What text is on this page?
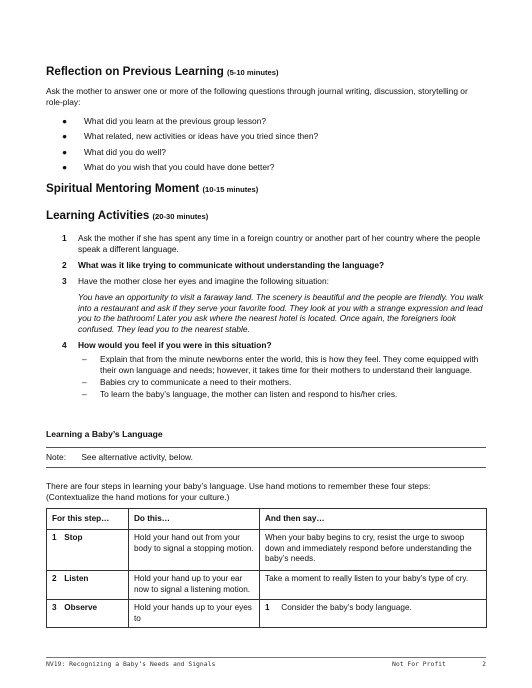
Reflection on Previous Learning (5-10 minutes)

Ask the mother to answer one or more of the following questions through journal writing, discussion, storytelling or role-play:

● What did you learn at the previous group lesson?
● What related, new activities or ideas have you tried since then?
● What did you do well?
● What do you wish that you could have done better?
Spiritual Mentoring Moment (10-15 minutes)
Learning Activities (20-30 minutes)
1 Ask the mother if she has spent any time in a foreign country or another part of her country where the people speak a different language.
2 What was it like trying to communicate without understanding the language?
3 Have the mother close her eyes and imagine the following situation:

You have an opportunity to visit a faraway land. The scenery is beautiful and the people are friendly. You walk into a restaurant and ask if they serve your favorite food. They look at you with a strange expression and lead you to the bathroom! Later you ask where the nearest hotel is located. Once again, the foreigners look confused. They lead you to the nearest stable.

4 How would you feel if you were in this situation?
– Explain that from the minute newborns enter the world, this is how they feel. They come equipped with their own language and needs; however, it takes time for their mothers to understand their language.
– Babies cry to communicate a need to their mothers.
– To learn the baby’s language, the mother can listen and respond to his/her cries.
Learning a Baby’s Language
Note: See alternative activity, below.

There are four steps in learning your baby’s language. Use hand motions to remember these four steps: (Contextualize the hand motions for your culture.)

For this step…	Do this…	And then say…
1 Stop	Hold your hand out from your body to signal a stopping motion.	When your baby begins to cry, resist the urge to swoop down and immediately respond before understanding the baby’s needs.
2 Listen	Hold your hand up to your ear now to signal a listening motion.	Take a moment to really listen to your baby’s type of cry.
3 Observe	Hold your hands up to your eyes to	1 Consider the baby’s body language.
NV19: Recognizing a Baby’s Needs and Signals	Not For Profit	2
